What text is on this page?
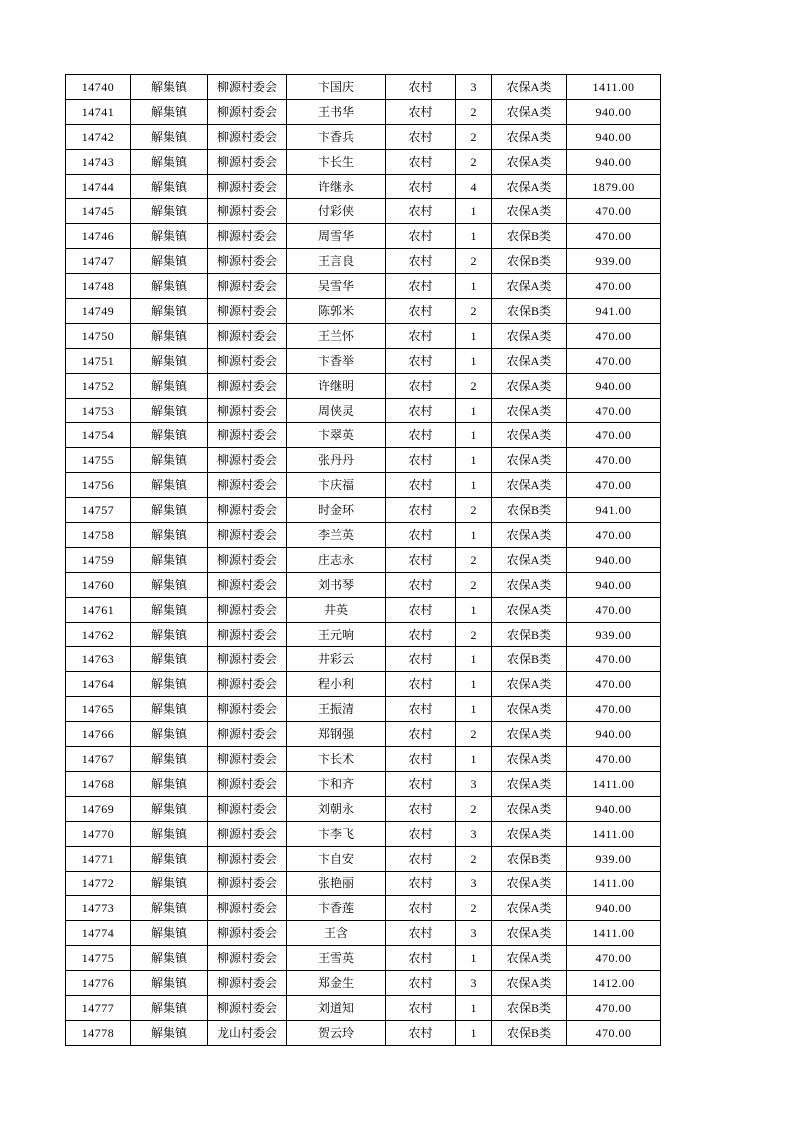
14740	解集镇	柳源村委会	卞国庆	农村	3	农保A类	1411.00
14741	解集镇	柳源村委会	王书华	农村	2	农保A类	940.00
14742	解集镇	柳源村委会	卞香兵	农村	2	农保A类	940.00
14743	解集镇	柳源村委会	卞长生	农村	2	农保A类	940.00
14744	解集镇	柳源村委会	许继永	农村	4	农保A类	1879.00
14745	解集镇	柳源村委会	付彩侠	农村	1	农保A类	470.00
14746	解集镇	柳源村委会	周雪华	农村	1	农保B类	470.00
14747	解集镇	柳源村委会	王言良	农村	2	农保B类	939.00
14748	解集镇	柳源村委会	吴雪华	农村	1	农保A类	470.00
14749	解集镇	柳源村委会	陈郭米	农村	2	农保B类	941.00
14750	解集镇	柳源村委会	王兰怀	农村	1	农保A类	470.00
14751	解集镇	柳源村委会	卞香举	农村	1	农保A类	470.00
14752	解集镇	柳源村委会	许继明	农村	2	农保A类	940.00
14753	解集镇	柳源村委会	周侠灵	农村	1	农保A类	470.00
14754	解集镇	柳源村委会	卞翠英	农村	1	农保A类	470.00
14755	解集镇	柳源村委会	张丹丹	农村	1	农保A类	470.00
14756	解集镇	柳源村委会	卞庆福	农村	1	农保A类	470.00
14757	解集镇	柳源村委会	时金环	农村	2	农保B类	941.00
14758	解集镇	柳源村委会	李兰英	农村	1	农保A类	470.00
14759	解集镇	柳源村委会	庄志永	农村	2	农保A类	940.00
14760	解集镇	柳源村委会	刘书琴	农村	2	农保A类	940.00
14761	解集镇	柳源村委会	井英	农村	1	农保A类	470.00
14762	解集镇	柳源村委会	王元响	农村	2	农保B类	939.00
14763	解集镇	柳源村委会	井彩云	农村	1	农保B类	470.00
14764	解集镇	柳源村委会	程小利	农村	1	农保A类	470.00
14765	解集镇	柳源村委会	王振清	农村	1	农保A类	470.00
14766	解集镇	柳源村委会	郑钢强	农村	2	农保A类	940.00
14767	解集镇	柳源村委会	卞长术	农村	1	农保A类	470.00
14768	解集镇	柳源村委会	卞和齐	农村	3	农保A类	1411.00
14769	解集镇	柳源村委会	刘朝永	农村	2	农保A类	940.00
14770	解集镇	柳源村委会	卞李飞	农村	3	农保A类	1411.00
14771	解集镇	柳源村委会	卞自安	农村	2	农保B类	939.00
14772	解集镇	柳源村委会	张艳丽	农村	3	农保A类	1411.00
14773	解集镇	柳源村委会	卞香莲	农村	2	农保A类	940.00
14774	解集镇	柳源村委会	王含	农村	3	农保A类	1411.00
14775	解集镇	柳源村委会	王雪英	农村	1	农保A类	470.00
14776	解集镇	柳源村委会	郑金生	农村	3	农保A类	1412.00
14777	解集镇	柳源村委会	刘道知	农村	1	农保B类	470.00
14778	解集镇	龙山村委会	贺云玲	农村	1	农保B类	470.00
